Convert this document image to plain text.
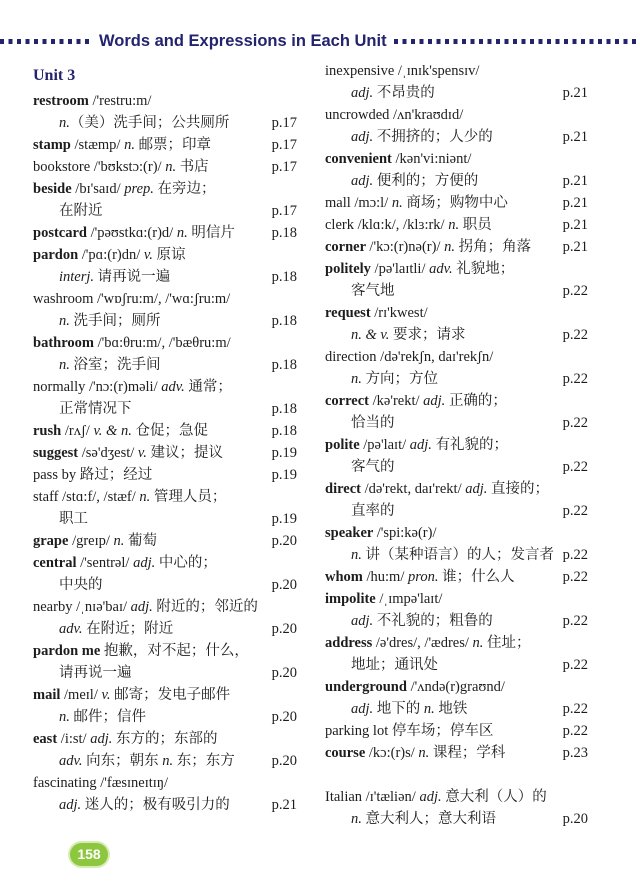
Words and Expressions in Each Unit
Unit 3
restroom /'restru:m/
n.（美）洗手间；公共厕所	p.17
stamp /stæmp/ n. 邮票；印章	p.17
bookstore /'bʊkstɔ:(r)/ n. 书店	p.17
beside /bɪ'saɪd/ prep. 在旁边；
在附近	p.17
postcard /'pəʊstkɑ:(r)d/ n. 明信片	p.18
pardon /'pɑ:(r)dn/ v. 原谅
interj. 请再说一遍	p.18
washroom /'wɒʃru:m/, /'wɑ:ʃru:m/
n. 洗手间；厕所	p.18
bathroom /'bɑ:θru:m/, /'bæθru:m/
n. 浴室；洗手间	p.18
normally /'nɔ:(r)məli/ adv. 通常；
正常情况下	p.18
rush /rʌʃ/ v. & n. 仓促；急促	p.18
suggest /sə'dʒest/ v. 建议；提议	p.19
pass by 路过；经过	p.19
staff /stɑ:f/, /stæf/ n. 管理人员；
职工	p.19
grape /greɪp/ n. 葡萄	p.20
central /'sentrəl/ adj. 中心的；
中央的	p.20
nearby /ˌnɪə'baɪ/ adj. 附近的；邻近的
adv. 在附近；附近	p.20
pardon me 抱歉，对不起；什么，
请再说一遍	p.20
mail /meɪl/ v. 邮寄；发电子邮件
n. 邮件；信件	p.20
east /i:st/ adj. 东方的；东部的
adv. 向东；朝东 n. 东；东方	p.20
fascinating /'fæsɪneɪtɪŋ/
adj. 迷人的；极有吸引力的	p.21
inexpensive /ˌɪnɪk'spensɪv/
adj. 不昂贵的	p.21
uncrowded /ʌn'kraʊdɪd/
adj. 不拥挤的；人少的	p.21
convenient /kən'vi:niənt/
adj. 便利的；方便的	p.21
mall /mɔ:l/ n. 商场；购物中心	p.21
clerk /klɑ:k/, /klɜ:rk/ n. 职员	p.21
corner /'kɔ:(r)nə(r)/ n. 拐角；角落 p.21
politely /pə'laɪtli/ adv. 礼貌地；
客气地	p.22
request /rɪ'kwest/
n. & v. 要求；请求	p.22
direction /də'rekʃn, daɪ'rekʃn/
n. 方向；方位	p.22
correct /kə'rekt/ adj. 正确的；
恰当的	p.22
polite /pə'laɪt/ adj. 有礼貌的；
客气的	p.22
direct /də'rekt, daɪ'rekt/ adj. 直接的；
直率的	p.22
speaker /'spi:kə(r)/
n. 讲（某种语言）的人；发言者 p.22
whom /hu:m/ pron. 谁；什么人	p.22
impolite /ˌɪmpə'laɪt/
adj. 不礼貌的；粗鲁的	p.22
address /ə'dres/, /'ædres/ n. 住址；
地址；通讯处	p.22
underground /'ʌndə(r)graʊnd/
adj. 地下的 n. 地铁	p.22
parking lot 停车场；停车区	p.22
course /kɔ:(r)s/ n. 课程；学科	p.23
Italian /ɪ'tæliən/ adj. 意大利（人）的
n. 意大利人；意大利语	p.20
158
